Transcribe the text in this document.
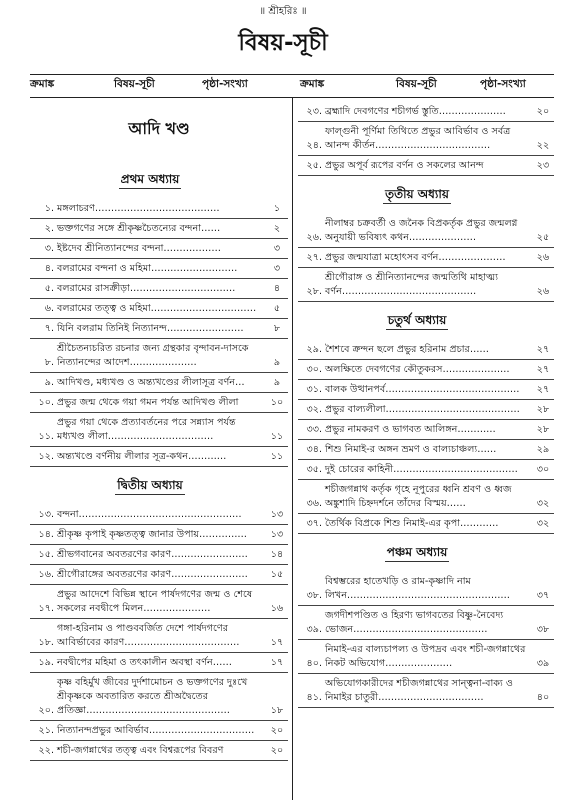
॥ শ্রীহরিঃ ॥
বিষয়-সূচী
ক্রমাঙ্ক	বিষয়-সূচী	পৃষ্ঠা-সংখ্যা	ক্রমাঙ্ক	বিষয়-সূচী	পৃষ্ঠা-সংখ্যা
আদি খণ্ড
প্রথম অধ্যায়
১. মঙ্গলাচরণ…………………………………	১
২. ভক্তগণের সঙ্গে শ্রীকৃষ্ণচৈতন্যের বন্দনা……	২
৩. ইষ্টদেব শ্রীনিত্যানন্দের বন্দনা………………	৩
৪. বলরামের বন্দনা ও মহিমা………………………	৩
৫. বলরামের রাসক্রীড়া……………………………	৪
৬. বলরামের তত্ত্ব ও মহিমা……………………………	৫
৭. যিনি বলরাম তিনিই নিত্যানন্দ……………………	৮
৮.
শ্রীচৈতন্যচরিত রচনার জন্য গ্রন্থকার বৃন্দাবন-দাসকে নিত্যানন্দের আদেশ…………………	৯
৯. আদিখণ্ড, মধ্যখণ্ড ও অন্ত্যখণ্ডের লীলাসূত্র বর্ণন…	৯
১০. প্রভুর জন্ম থেকে গয়া গমন পর্যন্ত আদিখণ্ড লীলা	১০
১১.
প্রভুর গয়া থেকে প্রত্যাবর্তনের পরে সন্ন্যাস পর্যন্ত মধ্যখণ্ড লীলা……………………………	১১
১২. অন্ত্যখণ্ডে বর্ণনীয় লীলার সূত্র-কথন…………	১১
দ্বিতীয় অধ্যায়
১৩. বন্দনা……………………………………………	১৩
১৪. শ্রীকৃষ্ণ কৃপাই কৃষ্ণতত্ত্ব জানার উপায়……………	১৩
১৫. শ্রীভগবানের অবতরণের কারণ……………………	১৪
১৬. শ্রীগৌরাঙ্গের অবতরণের কারণ……………………	১৫
১৭.
প্রভুর আদেশে বিভিন্ন স্থানে পার্ষদগণের জন্ম ও শেষে সকলের নবদ্বীপে মিলন…………………	১৬
১৮.
গঙ্গা-হরিনাম ও পাণ্ডববর্জিত দেশে পার্ষদগণের আবির্ভাবের কারণ………………………………	১৭
১৯. নবদ্বীপের মহিমা ও তৎকালীন অবস্থা বর্ণন……	১৭
২০.
কৃষ্ণ বহির্মুখ জীবের দুর্দশামোচন ও ভক্তগণের দুঃখে শ্রীকৃষ্ণকে অবতারিত করতে শ্রীঅদ্বৈতের প্রতিজ্ঞা………………………………………	১৮
২১. নিত্যানন্দপ্রভুর আবির্ভাব……………………………	২০
২২. শচী-জগন্নাথের তত্ত্ব এবং বিশ্বরূপের বিবরণ	২০
২৩. ব্রহ্মাদি দেবগণের শচীগর্ভ স্তুতি…………………	২০
২৪.
ফাল্গুনী পূর্ণিমা তিথিতে প্রভুর আবির্ভাব ও সর্বত্র আনন্দ কীর্তন………………………………	২২
২৫. প্রভুর অপূর্ব রূপের বর্ণন ও সকলের আনন্দ	২৩
তৃতীয় অধ্যায়
২৬.
নীলাম্বর চক্রবর্তী ও জনৈক বিপ্রকর্তৃক প্রভুর জন্মলগ্ন অনুযায়ী ভবিষ্যৎ কথন…………………	২৫
২৭. প্রভুর জন্মযাত্রা মহোৎসব বর্ণন…………………	২৬
২৮.
শ্রীগৌরাঙ্গ ও শ্রীনিত্যানন্দের জন্মতিথি মাহাত্ম্য বর্ণন……………………………………	২৬
চতুর্থ অধ্যায়
২৯. শৈশবে ক্রন্দন ছলে প্রভুর হরিনাম প্রচার……	২৭
৩০. অলক্ষিতে দেবগণের কৌতুকরস…………………	২৭
৩১. বালক উত্থানপর্ব……………………………………	২৭
৩২. প্রভুর বাল্যলীলা……………………………………	২৮
৩৩. প্রভুর নামকরণ ও ভাগবত আলিঙ্গন…………	২৮
৩৪. শিশু নিমাই-র অঙ্গন ভ্রমণ ও বাল্যচাঞ্চল্য……	২৯
৩৫. দুই চোরের কাহিনী…………………………………	৩০
৩৬.
শচীজগন্নাথ কর্তৃক গৃহে নূপুরের ধ্বনি শ্রবণ ও ধ্বজ অঙ্কুশাদি চিহ্নদর্শনে তাঁদের বিস্ময়……	৩২
৩৭. তৈর্থিক বিপ্রকে শিশু নিমাই-এর কৃপা…………	৩২
পঞ্চম অধ্যায়
৩৮.
বিশ্বম্ভরের হাতেখড়ি ও রাম-কৃষ্ণাদি নাম লিখন……………………………………………	৩৭
৩৯.
জগদীশপণ্ডিত ও হিরণ্য ভাগবতের বিষ্ণু-নৈবেদ্য ভোজন……………………………………	৩৮
৪০.
নিমাই-এর বাল্যচাপল্য ও উপদ্রব এবং শচী-জগন্নাথের নিকট অভিযোগ…………………	৩৯
৪১.
অভিযোগকারীদের শচীজগন্নাথের সান্ত্বনা-বাক্য ও নিমাইর চাতুরী……………………………	৪০
